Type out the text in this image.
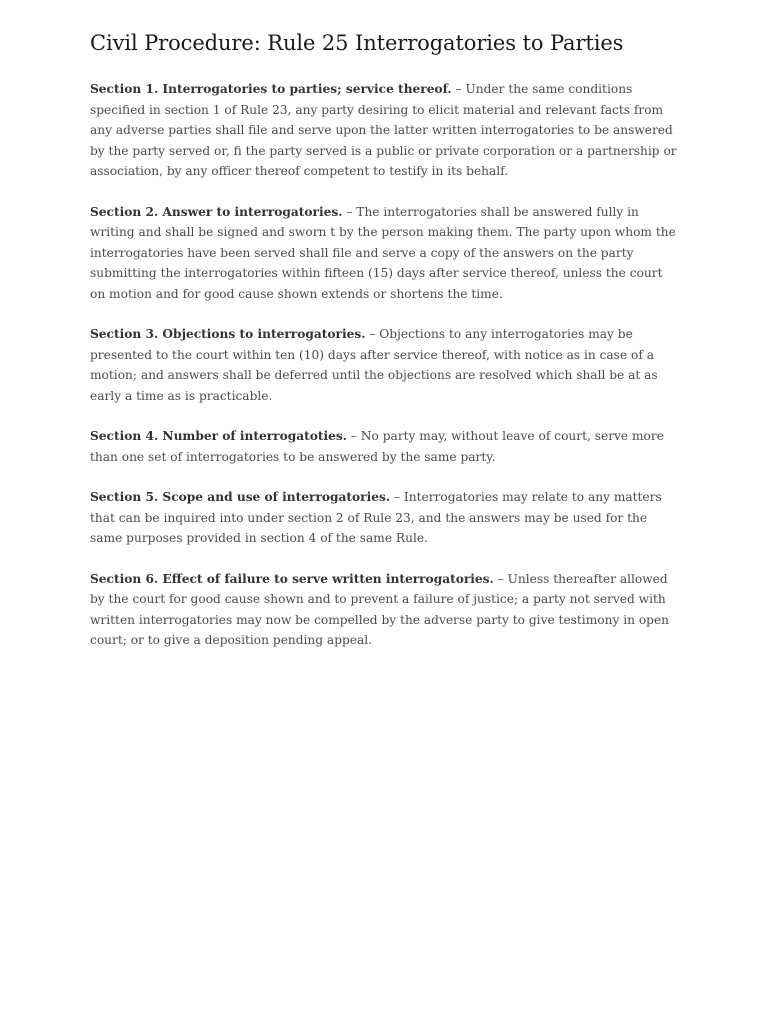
Civil Procedure: Rule 25 Interrogatories to Parties

Section 1. Interrogatories to parties; service thereof. – Under the same conditions specified in section 1 of Rule 23, any party desiring to elicit material and relevant facts from any adverse parties shall file and serve upon the latter written interrogatories to be answered by the party served or, fi the party served is a public or private corporation or a partnership or association, by any officer thereof competent to testify in its behalf.

Section 2. Answer to interrogatories. – The interrogatories shall be answered fully in writing and shall be signed and sworn t by the person making them. The party upon whom the interrogatories have been served shall file and serve a copy of the answers on the party submitting the interrogatories within fifteen (15) days after service thereof, unless the court on motion and for good cause shown extends or shortens the time.

Section 3. Objections to interrogatories. – Objections to any interrogatories may be presented to the court within ten (10) days after service thereof, with notice as in case of a motion; and answers shall be deferred until the objections are resolved which shall be at as early a time as is practicable.

Section 4. Number of interrogatoties. – No party may, without leave of court, serve more than one set of interrogatories to be answered by the same party.

Section 5. Scope and use of interrogatories. – Interrogatories may relate to any matters that can be inquired into under section 2 of Rule 23, and the answers may be used for the same purposes provided in section 4 of the same Rule.

Section 6. Effect of failure to serve written interrogatories. – Unless thereafter allowed by the court for good cause shown and to prevent a failure of justice; a party not served with written interrogatories may now be compelled by the adverse party to give testimony in open court; or to give a deposition pending appeal.
